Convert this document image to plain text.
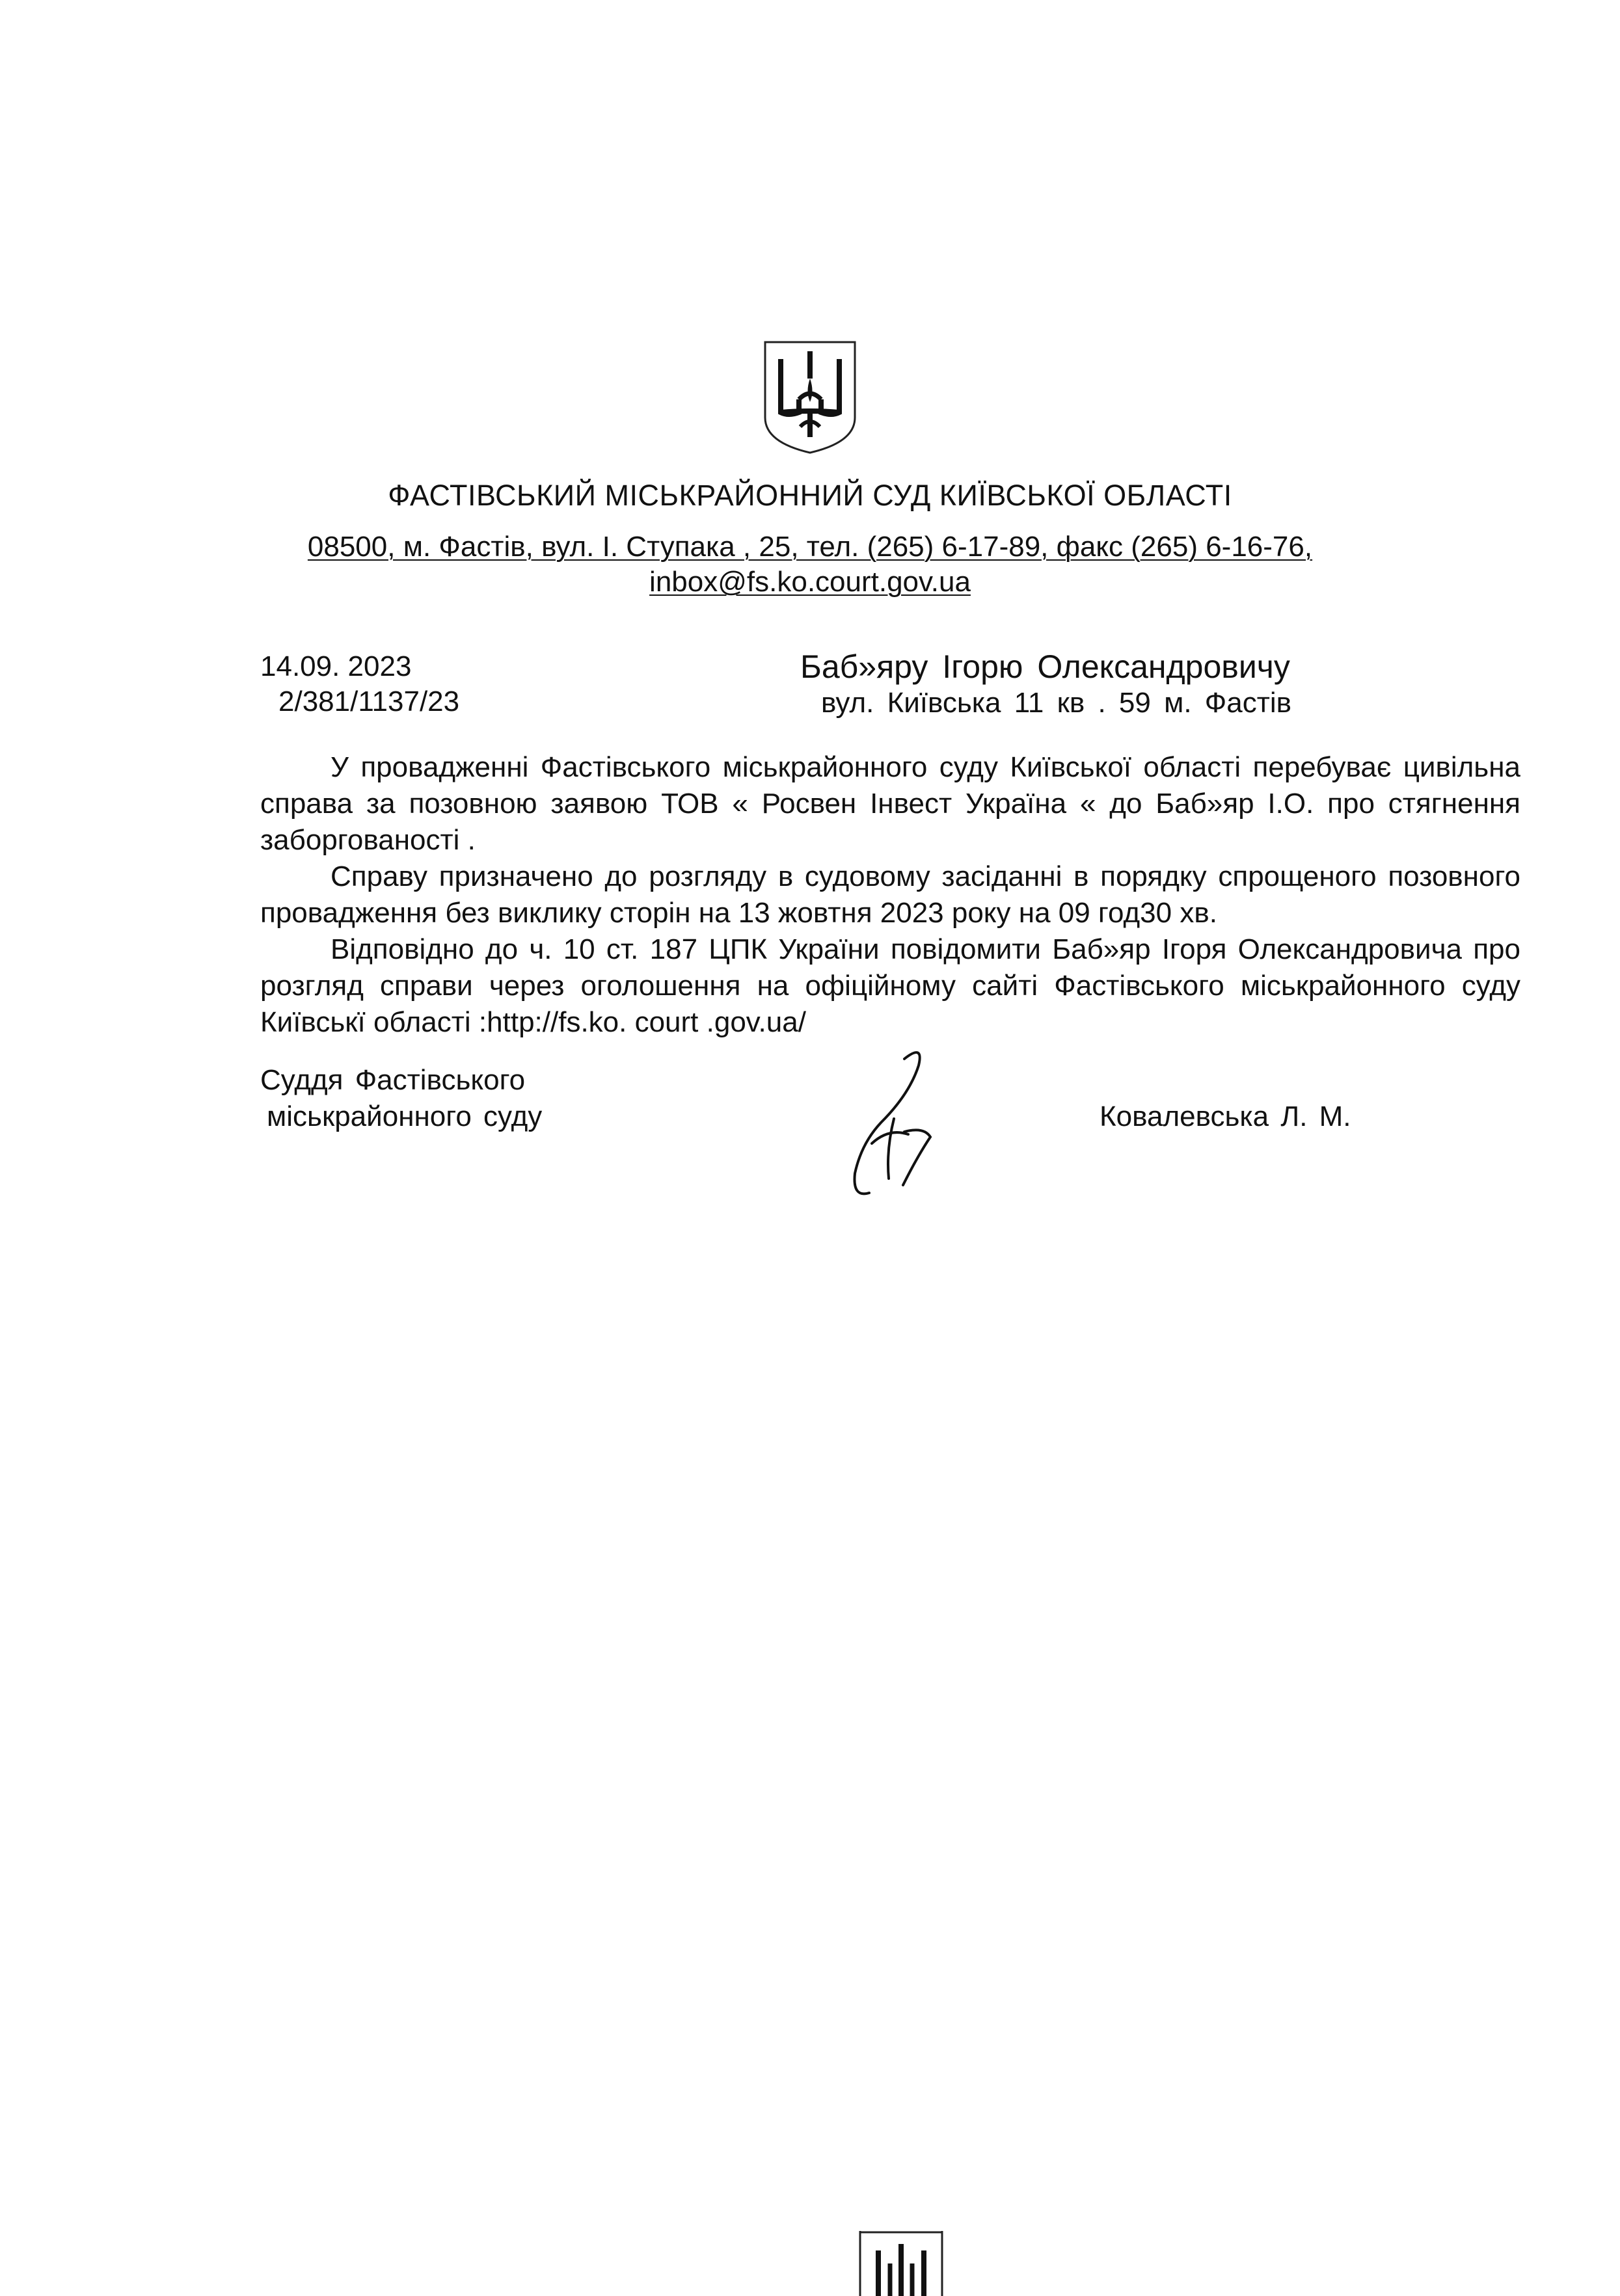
ФАСТІВСЬКИЙ МІСЬКРАЙОННИЙ СУД КИЇВСЬКОЇ ОБЛАСТІ
08500, м. Фастів, вул. І. Ступака , 25, тел. (265) 6-17-89, факс (265) 6-16-76,
inbox@fs.ko.court.gov.ua
14.09. 2023
2/381/1137/23
Баб»яру Ігорю Олександровичу
вул. Київська 11 кв . 59 м. Фастів

У провадженні Фастівського міськрайонного суду Київської області перебуває цивільна справа за позовною заявою ТОВ « Росвен Інвест Україна « до Баб»яр І.О. про стягнення заборгованості .

Справу призначено до розгляду в судовому засіданні в порядку спрощеного позовного провадження без виклику сторін на 13 жовтня 2023 року на 09 год30 хв.

Відповідно до ч. 10 ст. 187 ЦПК України повідомити Баб»яр Ігоря Олександровича про розгляд справи через оголошення на офіційному сайті Фастівського міськрайонного суду Київськї області :http://fs.ko. court .gov.ua/

Суддя Фастівського
міськрайонного суду	Ковалевська Л. М.
